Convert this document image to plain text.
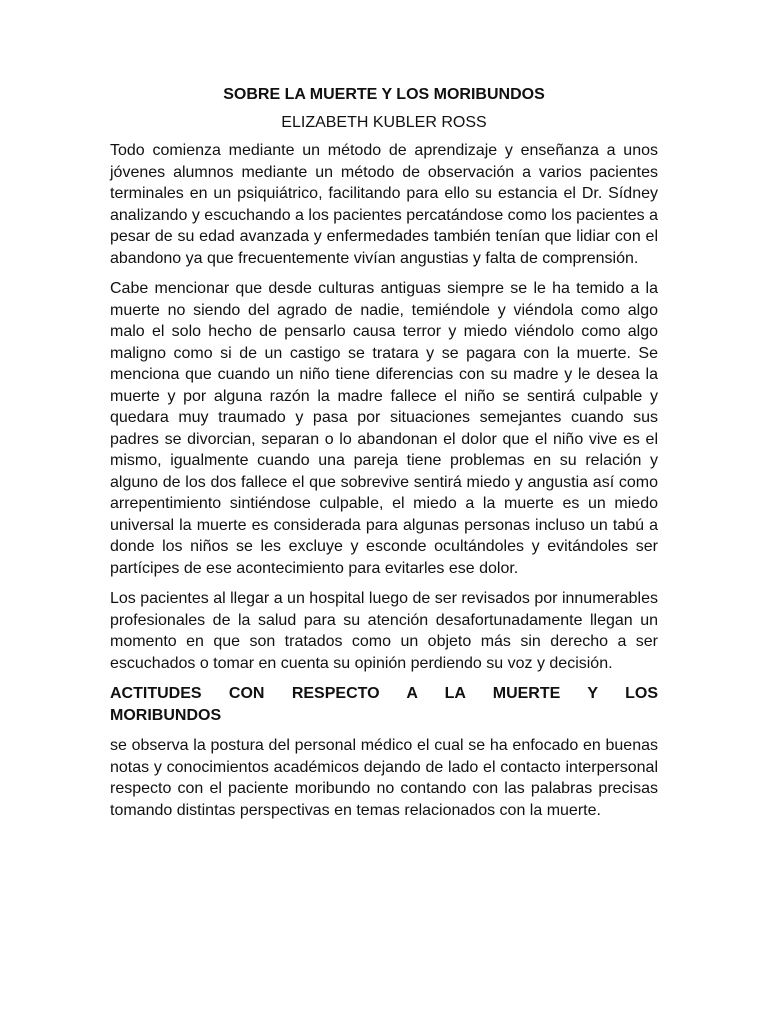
SOBRE LA MUERTE Y LOS MORIBUNDOS
ELIZABETH KUBLER ROSS

Todo comienza mediante un método de aprendizaje y enseñanza a unos jóvenes alumnos mediante un método de observación a varios pacientes terminales en un psiquiátrico, facilitando para ello su estancia el Dr. Sídney analizando y escuchando a los pacientes percatándose como los pacientes a pesar de su edad avanzada y enfermedades también tenían que lidiar con el abandono ya que frecuentemente vivían angustias y falta de comprensión.

Cabe mencionar que desde culturas antiguas siempre se le ha temido a la muerte no siendo del agrado de nadie, temiéndole y viéndola como algo malo el solo hecho de pensarlo causa terror y miedo viéndolo como algo maligno como si de un castigo se tratara y se pagara con la muerte. Se menciona que cuando un niño tiene diferencias con su madre y le desea la muerte y por alguna razón la madre fallece el niño se sentirá culpable y quedara muy traumado y pasa por situaciones semejantes cuando sus padres se divorcian, separan o lo abandonan el dolor que el niño vive es el mismo, igualmente cuando una pareja tiene problemas en su relación y alguno de los dos fallece el que sobrevive sentirá miedo y angustia así como arrepentimiento sintiéndose culpable, el miedo a la muerte es un miedo universal la muerte es considerada para algunas personas incluso un tabú a donde los niños se les excluye y esconde ocultándoles y evitándoles ser partícipes de ese acontecimiento para evitarles ese dolor.

Los pacientes al llegar a un hospital luego de ser revisados por innumerables profesionales de la salud para su atención desafortunadamente llegan un momento en que son tratados como un objeto más sin derecho a ser escuchados o tomar en cuenta su opinión perdiendo su voz y decisión.

ACTITUDES CON RESPECTO A LA MUERTE Y LOS
MORIBUNDOS

se observa la postura del personal médico el cual se ha enfocado en buenas notas y conocimientos académicos dejando de lado el contacto interpersonal respecto con el paciente moribundo no contando con las palabras precisas tomando distintas perspectivas en temas relacionados con la muerte.
